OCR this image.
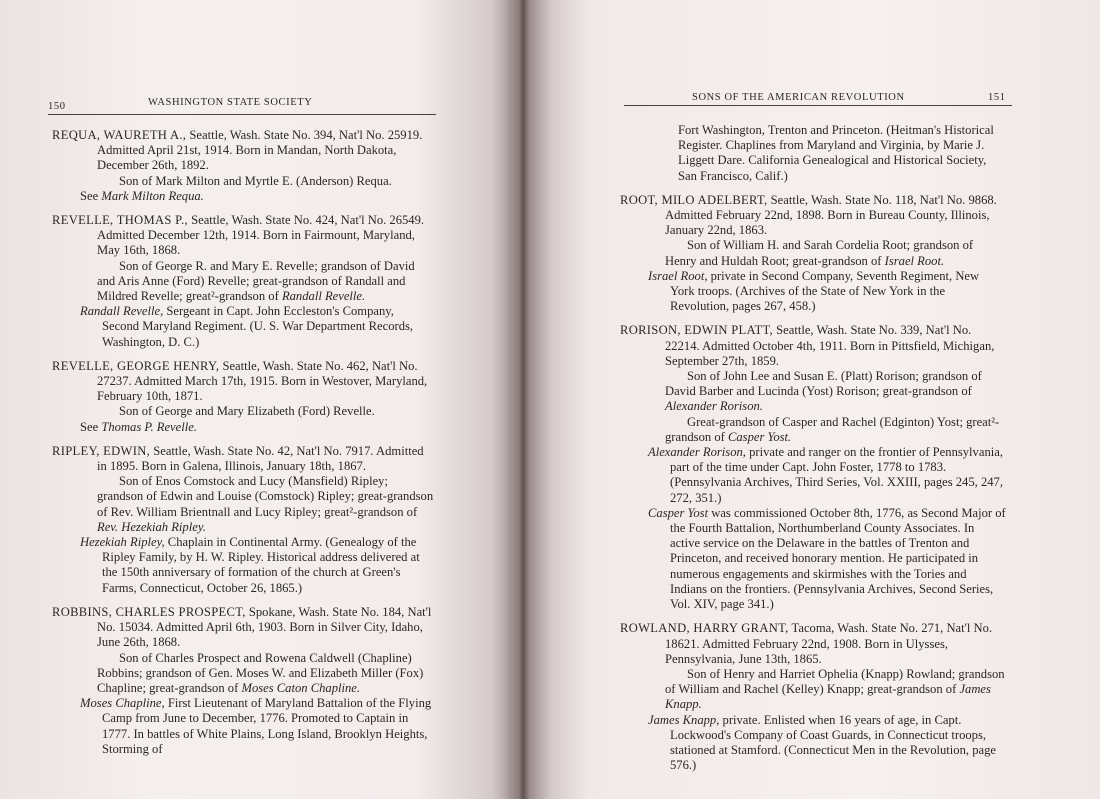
150	WASHINGTON STATE SOCIETY

REQUA, WAURETH A., Seattle, Wash. State No. 394, Nat'l No. 25919. Admitted April 21st, 1914. Born in Mandan, North Dakota, December 26th, 1892.

Son of Mark Milton and Myrtle E. (Anderson) Requa.

See Mark Milton Requa.

REVELLE, THOMAS P., Seattle, Wash. State No. 424, Nat'l No. 26549. Admitted December 12th, 1914. Born in Fairmount, Maryland, May 16th, 1868.

Son of George R. and Mary E. Revelle; grandson of David and Aris Anne (Ford) Revelle; great-grandson of Randall and Mildred Revelle; great²-grandson of Randall Revelle.

Randall Revelle, Sergeant in Capt. John Eccleston's Company, Second Maryland Regiment. (U. S. War Department Records, Washington, D. C.)

REVELLE, GEORGE HENRY, Seattle, Wash. State No. 462, Nat'l No. 27237. Admitted March 17th, 1915. Born in Westover, Maryland, February 10th, 1871.

Son of George and Mary Elizabeth (Ford) Revelle.

See Thomas P. Revelle.

RIPLEY, EDWIN, Seattle, Wash. State No. 42, Nat'l No. 7917. Admitted in 1895. Born in Galena, Illinois, January 18th, 1867.

Son of Enos Comstock and Lucy (Mansfield) Ripley; grandson of Edwin and Louise (Comstock) Ripley; great-grandson of Rev. William Brientnall and Lucy Ripley; great²-grandson of Rev. Hezekiah Ripley.

Hezekiah Ripley, Chaplain in Continental Army. (Genealogy of the Ripley Family, by H. W. Ripley. Historical address delivered at the 150th anniversary of formation of the church at Green's Farms, Connecticut, October 26, 1865.)

ROBBINS, CHARLES PROSPECT, Spokane, Wash. State No. 184, Nat'l No. 15034. Admitted April 6th, 1903. Born in Silver City, Idaho, June 26th, 1868.

Son of Charles Prospect and Rowena Caldwell (Chapline) Robbins; grandson of Gen. Moses W. and Elizabeth Miller (Fox) Chapline; great-grandson of Moses Caton Chapline.

Moses Chapline, First Lieutenant of Maryland Battalion of the Flying Camp from June to December, 1776. Promoted to Captain in 1777. In battles of White Plains, Long Island, Brooklyn Heights, Storming of

SONS OF THE AMERICAN REVOLUTION	151

Fort Washington, Trenton and Princeton. (Heitman's Historical Register. Chaplines from Maryland and Virginia, by Marie J. Liggett Dare. California Genealogical and Historical Society, San Francisco, Calif.)

ROOT, MILO ADELBERT, Seattle, Wash. State No. 118, Nat'l No. 9868. Admitted February 22nd, 1898. Born in Bureau County, Illinois, January 22nd, 1863.

Son of William H. and Sarah Cordelia Root; grandson of Henry and Huldah Root; great-grandson of Israel Root.

Israel Root, private in Second Company, Seventh Regiment, New York troops. (Archives of the State of New York in the Revolution, pages 267, 458.)

RORISON, EDWIN PLATT, Seattle, Wash. State No. 339, Nat'l No. 22214. Admitted October 4th, 1911. Born in Pittsfield, Michigan, September 27th, 1859.

Son of John Lee and Susan E. (Platt) Rorison; grandson of David Barber and Lucinda (Yost) Rorison; great-grandson of Alexander Rorison.

Great-grandson of Casper and Rachel (Edginton) Yost; great²-grandson of Casper Yost.

Alexander Rorison, private and ranger on the frontier of Pennsylvania, part of the time under Capt. John Foster, 1778 to 1783. (Pennsylvania Archives, Third Series, Vol. XXIII, pages 245, 247, 272, 351.)

Casper Yost was commissioned October 8th, 1776, as Second Major of the Fourth Battalion, Northumberland County Associates. In active service on the Delaware in the battles of Trenton and Princeton, and received honorary mention. He participated in numerous engagements and skirmishes with the Tories and Indians on the frontiers. (Pennsylvania Archives, Second Series, Vol. XIV, page 341.)

ROWLAND, HARRY GRANT, Tacoma, Wash. State No. 271, Nat'l No. 18621. Admitted February 22nd, 1908. Born in Ulysses, Pennsylvania, June 13th, 1865.

Son of Henry and Harriet Ophelia (Knapp) Rowland; grandson of William and Rachel (Kelley) Knapp; great-grandson of James Knapp.

James Knapp, private. Enlisted when 16 years of age, in Capt. Lockwood's Company of Coast Guards, in Connecticut troops, stationed at Stamford. (Connecticut Men in the Revolution, page 576.)
